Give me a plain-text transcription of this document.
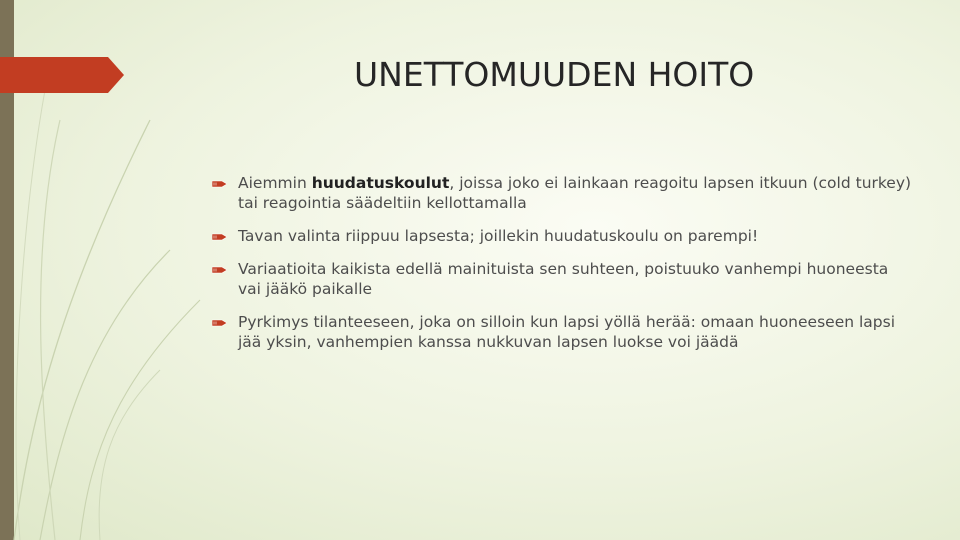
UNETTOMUUDEN HOITO
Aiemmin huudatuskoulut, joissa joko ei lainkaan reagoitu lapsen itkuun (cold turkey) tai reagointia säädeltiin kellottamalla
Tavan valinta riippuu lapsesta; joillekin huudatuskoulu on parempi!
Variaatioita kaikista edellä mainituista sen suhteen, poistuuko vanhempi huoneesta vai jääkö paikalle
Pyrkimys tilanteeseen, joka on silloin kun lapsi yöllä herää: omaan huoneeseen lapsi jää yksin, vanhempien kanssa nukkuvan lapsen luokse voi jäädä
